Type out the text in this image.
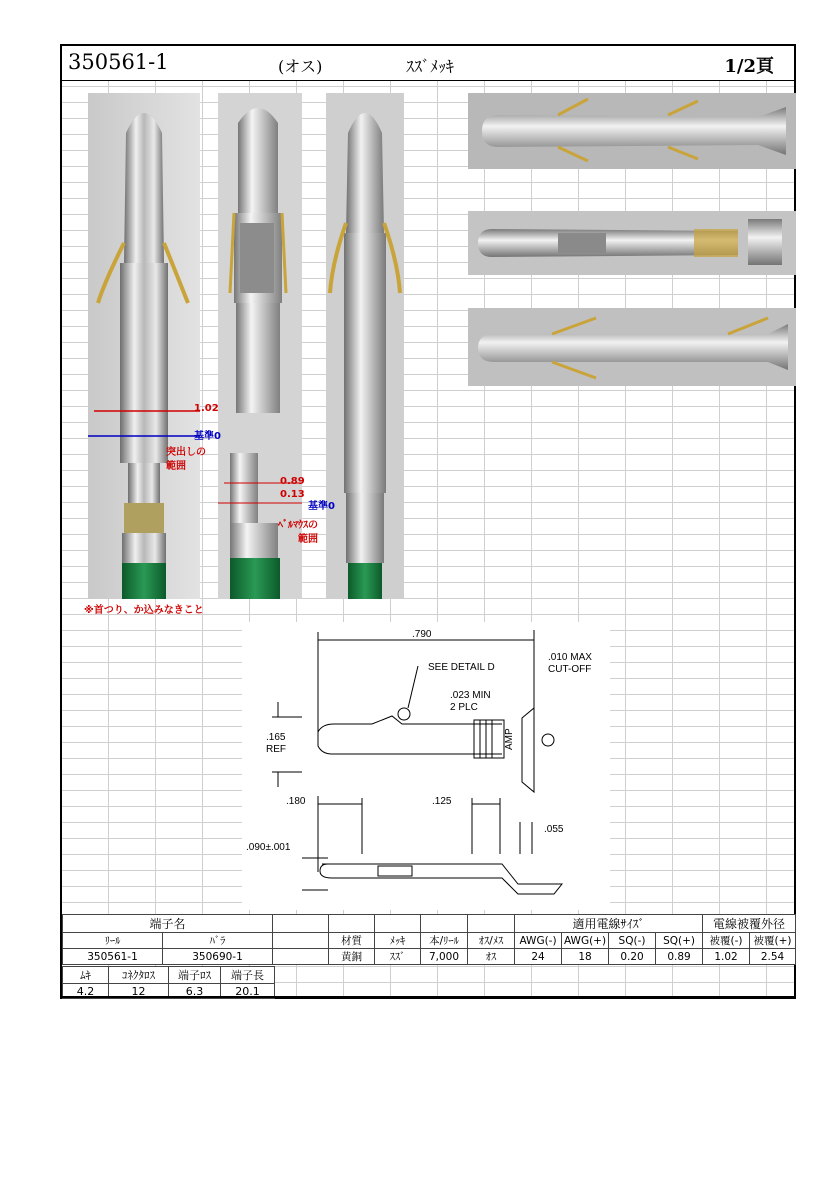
350561-1	(オス)	ｽｽﾞﾒｯｷ	1/2頁
1.02
基準0
突出しの
範囲
0.89
0.13
基準0
ﾍﾞﾙﾏｳｽの
範囲
※首つり、か込みなきこと
.790
SEE DETAIL D
.010 MAX
CUT-OFF
.023 MIN
2 PLC
.165
REF	AMP
.180	.125
.055
.090±.001
端子名							適用電線ｻｲｽﾞ				電線被覆外径	
ﾘｰﾙ	ﾊﾞﾗ		材質	ﾒｯｷ	本/ﾘｰﾙ	ｵｽ/ﾒｽ	AWG(-)	AWG(+)	SQ(-)	SQ(+)	被覆(-)	被覆(+)
350561-1	350690-1		黄銅	ｽｽﾞ	7,000	ｵｽ	24	18	0.20	0.89	1.02	2.54
ﾑｷ	ｺﾈｸﾀﾛｽ	端子ﾛｽ	端子長
4.2	12	6.3	20.1
